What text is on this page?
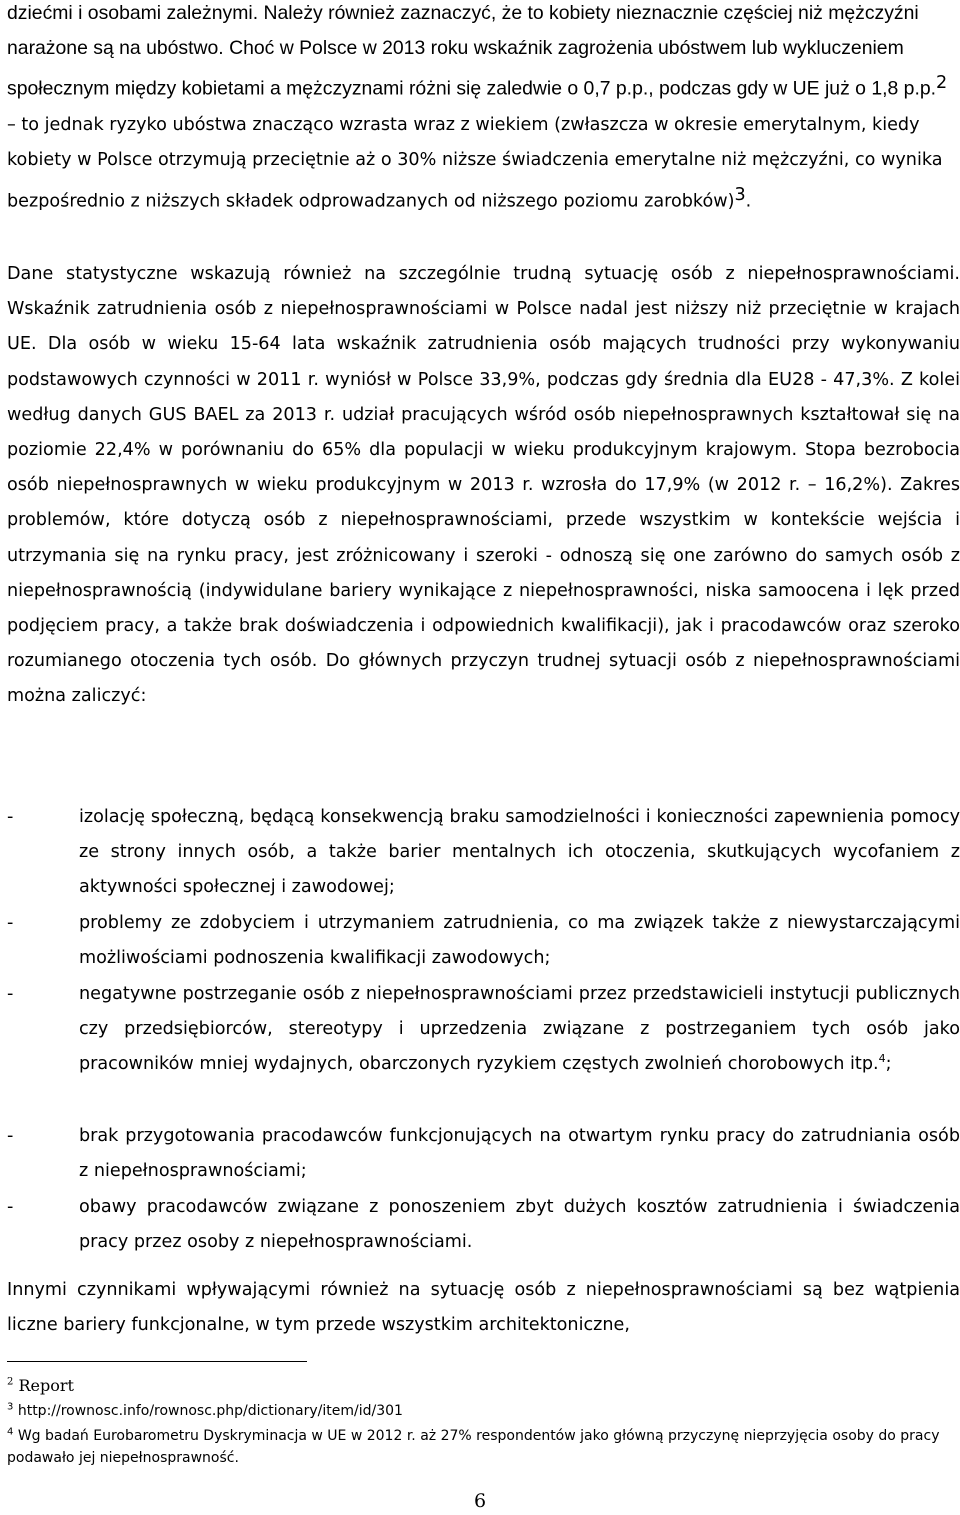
dziećmi i osobami zależnymi. Należy również zaznaczyć, że to kobiety nieznacznie częściej niż mężczyźni narażone są na ubóstwo. Choć w Polsce w 2013 roku wskaźnik zagrożenia ubóstwem lub wykluczeniem społecznym między kobietami a mężczyznami różni się zaledwie o 0,7 p.p., podczas gdy w UE już o 1,8 p.p.$^2$ – to jednak ryzyko ubóstwa znacząco wzrasta wraz z wiekiem (zwłaszcza w okresie emerytalnym, kiedy kobiety w Polsce otrzymują przeciętnie aż o 30% niższe świadczenia emerytalne niż mężczyźni, co wynika bezpośrednio z niższych składek odprowadzanych od niższego poziomu zarobków)$^3$.
Dane statystyczne wskazują również na szczególnie trudną sytuację osób z niepełnosprawnościami. Wskaźnik zatrudnienia osób z niepełnosprawnościami w Polsce nadal jest niższy niż przeciętnie w krajach UE. Dla osób w wieku 15-64 lata wskaźnik zatrudnienia osób mających trudności przy wykonywaniu podstawowych czynności w 2011 r. wyniósł w Polsce 33,9%, podczas gdy średnia dla EU28 - 47,3%. Z kolei według danych GUS BAEL za 2013 r. udział pracujących wśród osób niepełnosprawnych kształtował się na poziomie 22,4% w porównaniu do 65% dla populacji w wieku produkcyjnym krajowym. Stopa bezrobocia osób niepełnosprawnych w wieku produkcyjnym w 2013 r. wzrosła do 17,9% (w 2012 r. – 16,2%). Zakres problemów, które dotyczą osób z niepełnosprawnościami, przede wszystkim w kontekście wejścia i utrzymania się na rynku pracy, jest zróżnicowany i szeroki - odnoszą się one zarówno do samych osób z niepełnosprawnością (indywidulane bariery wynikające z niepełnosprawności, niska samoocena i lęk przed podjęciem pracy, a także brak doświadczenia i odpowiednich kwalifikacji), jak i pracodawców oraz szeroko rozumianego otoczenia tych osób. Do głównych przyczyn trudnej sytuacji osób z niepełnosprawnościami można zaliczyć:
-	izolację społeczną, będącą konsekwencją braku samodzielności i konieczności zapewnienia pomocy ze strony innych osób, a także barier mentalnych ich otoczenia, skutkujących wycofaniem z aktywności społecznej i zawodowej;
-	problemy ze zdobyciem i utrzymaniem zatrudnienia, co ma związek także z niewystarczającymi możliwościami podnoszenia kwalifikacji zawodowych;
-	negatywne postrzeganie osób z niepełnosprawnościami przez przedstawicieli instytucji publicznych czy przedsiębiorców, stereotypy i uprzedzenia związane z postrzeganiem tych osób jako pracowników mniej wydajnych, obarczonych ryzykiem częstych zwolnień chorobowych itp.$^4$;
-	brak przygotowania pracodawców funkcjonujących na otwartym rynku pracy do zatrudniania osób z niepełnosprawnościami;
-	obawy pracodawców związane z ponoszeniem zbyt dużych kosztów zatrudnienia i świadczenia pracy przez osoby z niepełnosprawnościami.
Innymi czynnikami wpływającymi również na sytuację osób z niepełnosprawnościami są bez wątpienia liczne bariery funkcjonalne, w tym przede wszystkim architektoniczne,
$^2$ Report
$^3$ http://rownosc.info/rownosc.php/dictionary/item/id/301
$^4$ Wg badań Eurobarometru Dyskryminacja w UE w 2012 r. aż 27% respondentów jako główną przyczynę nieprzyjęcia osoby do pracy podawało jej niepełnosprawność.
6
